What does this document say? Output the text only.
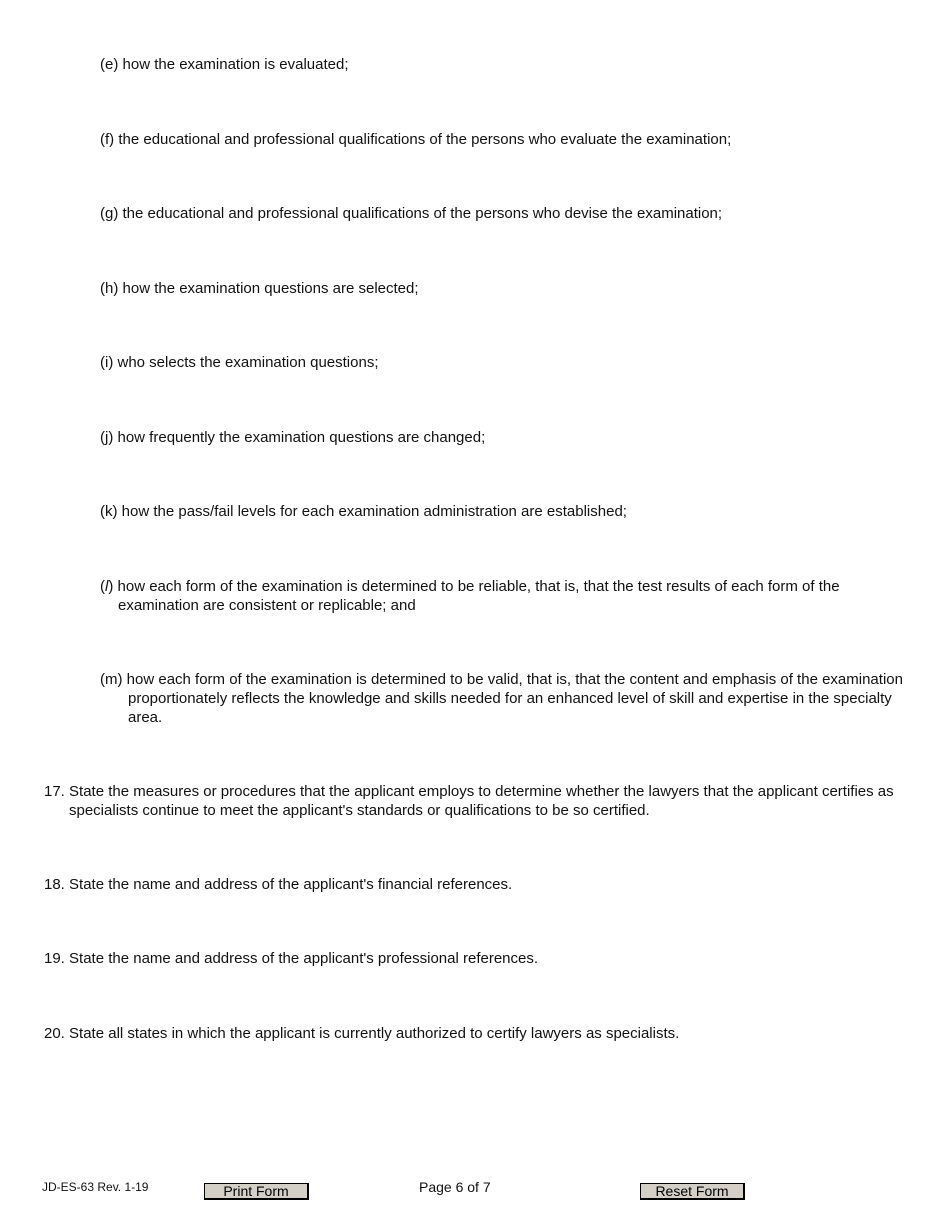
(e) how the examination is evaluated;

(f) the educational and professional qualifications of the persons who evaluate the examination;

(g) the educational and professional qualifications of the persons who devise the examination;

(h) how the examination questions are selected;

(i) who selects the examination questions;

(j) how frequently the examination questions are changed;

(k) how the pass/fail levels for each examination administration are established;

(l) how each form of the examination is determined to be reliable, that is, that the test results of each form of the examination are consistent or replicable; and

(m) how each form of the examination is determined to be valid, that is, that the content and emphasis of the examination proportionately reflects the knowledge and skills needed for an enhanced level of skill and expertise in the specialty area.

17. State the measures or procedures that the applicant employs to determine whether the lawyers that the applicant certifies as specialists continue to meet the applicant's standards or qualifications to be so certified.

18. State the name and address of the applicant's financial references.

19. State the name and address of the applicant's professional references.

20. State all states in which the applicant is currently authorized to certify lawyers as specialists.

JD-ES-63 Rev. 1-19	Print Form	Page 6 of 7	Reset Form
